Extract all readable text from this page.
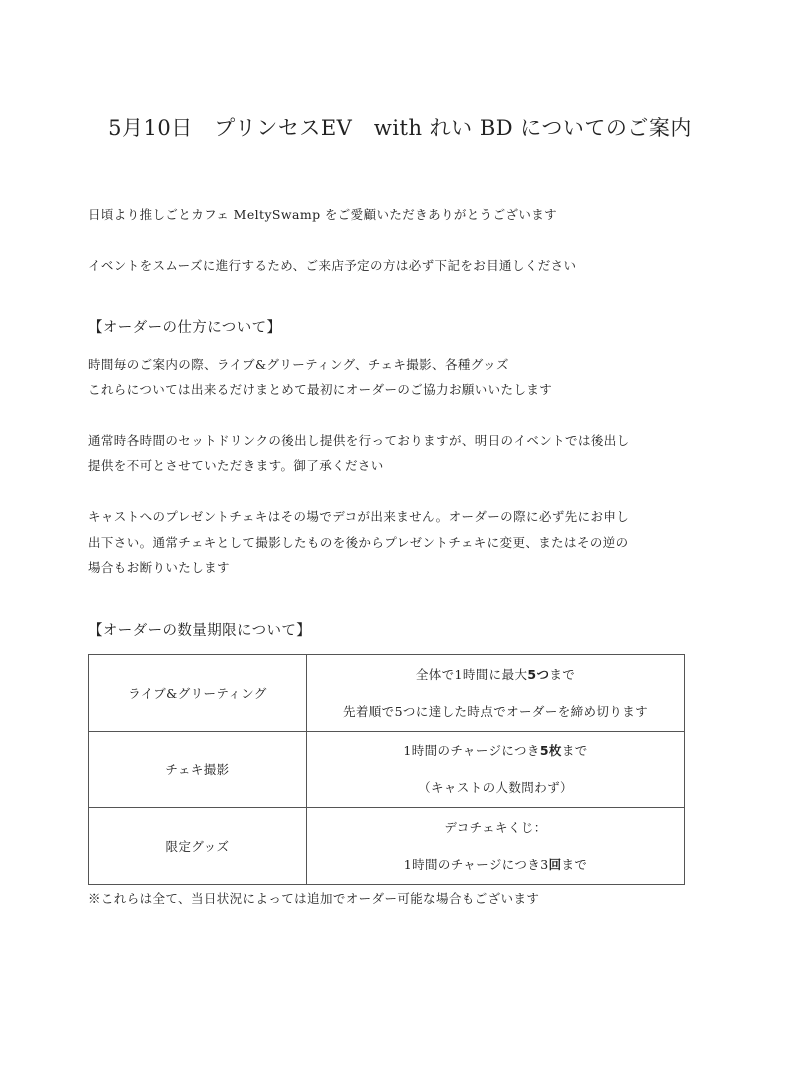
5月10日　プリンセスEV　with れい BD についてのご案内
日頃より推しごとカフェ MeltySwamp をご愛顧いただきありがとうございます
イベントをスムーズに進行するため、ご来店予定の方は必ず下記をお目通しください
【オーダーの仕方について】
時間毎のご案内の際、ライブ&グリーティング、チェキ撮影、各種グッズ
これらについては出来るだけまとめて最初にオーダーのご協力お願いいたします
通常時各時間のセットドリンクの後出し提供を行っておりますが、明日のイベントでは後出し
提供を不可とさせていただきます。御了承ください
キャストへのプレゼントチェキはその場でデコが出来ません。オーダーの際に必ず先にお申し
出下さい。通常チェキとして撮影したものを後からプレゼントチェキに変更、またはその逆の
場合もお断りいたします
【オーダーの数量期限について】
ライブ&グリーティング	全体で1時間に最大5つまで
先着順で5つに達した時点でオーダーを締め切ります

チェキ撮影	1時間のチャージにつき5枚まで
（キャストの人数問わず）

限定グッズ	デコチェキくじ：
1時間のチャージにつき3回まで
※これらは全て、当日状況によっては追加でオーダー可能な場合もございます
